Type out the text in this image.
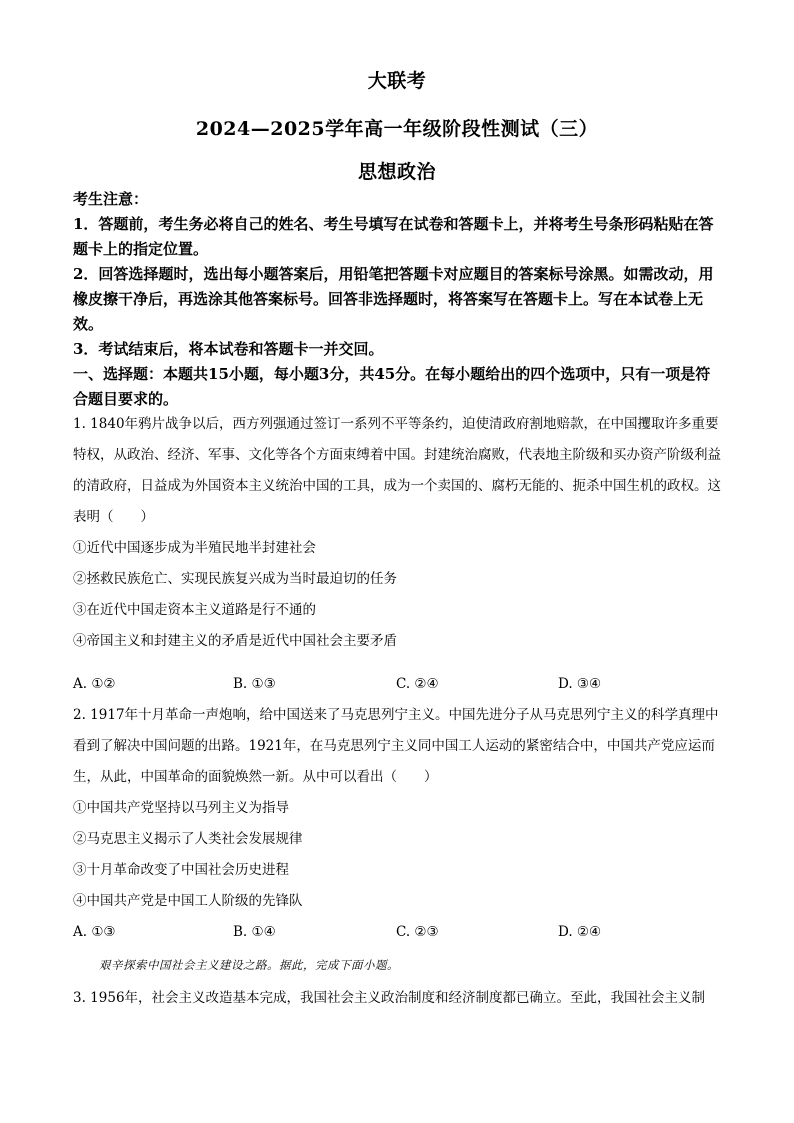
大联考
2024—2025学年高一年级阶段性测试（三）
思想政治

考生注意：

1．答题前，考生务必将自己的姓名、考生号填写在试卷和答题卡上，并将考生号条形码粘贴在答题卡上的指定位置。

2．回答选择题时，选出每小题答案后，用铅笔把答题卡对应题目的答案标号涂黑。如需改动，用橡皮擦干净后，再选涂其他答案标号。回答非选择题时，将答案写在答题卡上。写在本试卷上无效。

3．考试结束后，将本试卷和答题卡一并交回。

一、选择题：本题共15小题，每小题3分，共45分。在每小题给出的四个选项中，只有一项是符合题目要求的。

1. 1840年鸦片战争以后，西方列强通过签订一系列不平等条约，迫使清政府割地赔款，在中国攫取许多重要特权，从政治、经济、军事、文化等各个方面束缚着中国。封建统治腐败，代表地主阶级和买办资产阶级利益的清政府，日益成为外国资本主义统治中国的工具，成为一个卖国的、腐朽无能的、扼杀中国生机的政权。这表明（　　）

①近代中国逐步成为半殖民地半封建社会

②拯救民族危亡、实现民族复兴成为当时最迫切的任务

③在近代中国走资本主义道路是行不通的

④帝国主义和封建主义的矛盾是近代中国社会主要矛盾

A. ①②	B. ①③	C. ②④	D. ③④

2. 1917年十月革命一声炮响，给中国送来了马克思列宁主义。中国先进分子从马克思列宁主义的科学真理中看到了解决中国问题的出路。1921年，在马克思列宁主义同中国工人运动的紧密结合中，中国共产党应运而生，从此，中国革命的面貌焕然一新。从中可以看出（　　）

①中国共产党坚持以马列主义为指导

②马克思主义揭示了人类社会发展规律

③十月革命改变了中国社会历史进程

④中国共产党是中国工人阶级的先锋队

A. ①③	B. ①④	C. ②③	D. ②④
艰辛探索中国社会主义建设之路。据此，完成下面小题。

3. 1956年，社会主义改造基本完成，我国社会主义政治制度和经济制度都已确立。至此，我国社会主义制
